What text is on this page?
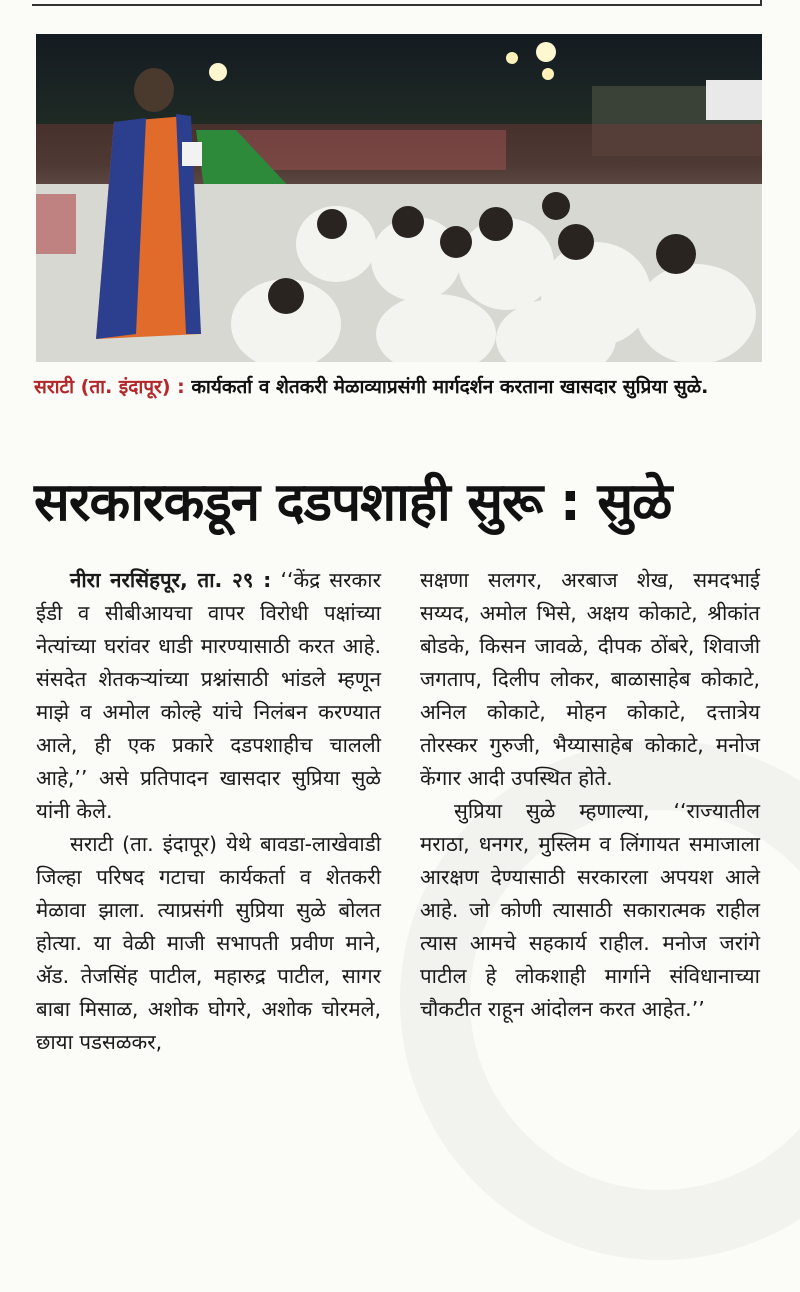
सराटी (ता. इंदापूर) : कार्यकर्ता व शेतकरी मेळाव्याप्रसंगी मार्गदर्शन करताना खासदार सुप्रिया सुळे.
सरकारकडून दडपशाही सुरू : सुळे

नीरा नरसिंहपूर, ता. २९ : ‘‘केंद्र सरकार ईडी व सीबीआयचा वापर विरोधी पक्षांच्या नेत्यांच्या घरांवर धाडी मारण्यासाठी करत आहे. संसदेत शेतकऱ्यांच्या प्रश्नांसाठी भांडले म्हणून माझे व अमोल कोल्हे यांचे निलंबन करण्यात आले, ही एक प्रकारे दडपशाहीच चालली आहे,’’ असे प्रतिपादन खासदार सुप्रिया सुळे यांनी केले.

सराटी (ता. इंदापूर) येथे बावडा-लाखेवाडी जिल्हा परिषद गटाचा कार्यकर्ता व शेतकरी मेळावा झाला. त्याप्रसंगी सुप्रिया सुळे बोलत होत्या. या वेळी माजी सभापती प्रवीण माने, ॲड. तेजसिंह पाटील, महारुद्र पाटील, सागर बाबा मिसाळ, अशोक घोगरे, अशोक चोरमले, छाया पडसळकर,

सक्षणा सलगर, अरबाज शेख, समदभाई सय्यद, अमोल भिसे, अक्षय कोकाटे, श्रीकांत बोडके, किसन जावळे, दीपक ठोंबरे, शिवाजी जगताप, दिलीप लोकर, बाळासाहेब कोकाटे, अनिल कोकाटे, मोहन कोकाटे, दत्तात्रेय तोरस्कर गुरुजी, भैय्यासाहेब कोकाटे, मनोज केंगार आदी उपस्थित होते.

सुप्रिया सुळे म्हणाल्या, ‘‘राज्यातील मराठा, धनगर, मुस्लिम व लिंगायत समाजाला आरक्षण देण्यासाठी सरकारला अपयश आले आहे. जो कोणी त्यासाठी सकारात्मक राहील त्यास आमचे सहकार्य राहील. मनोज जरांगे पाटील हे लोकशाही मार्गाने संविधानाच्या चौकटीत राहून आंदोलन करत आहेत.’’
